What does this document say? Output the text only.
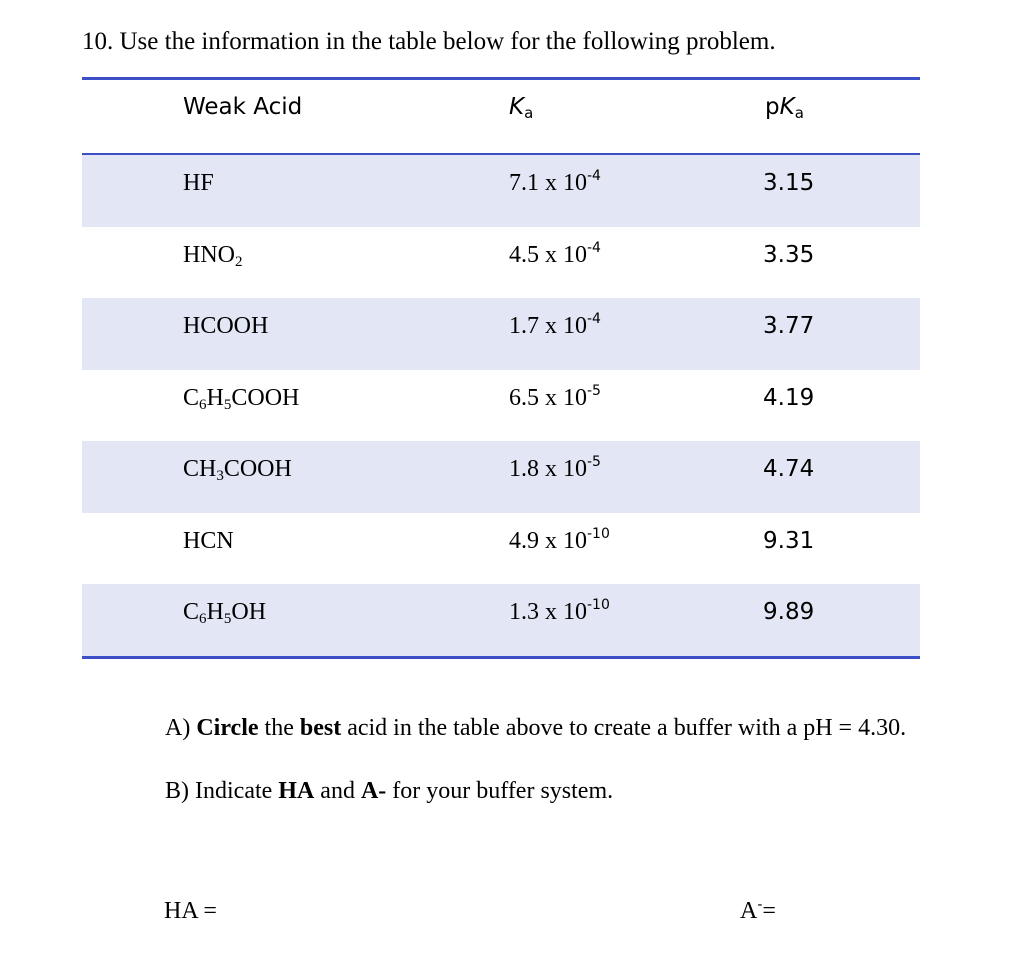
10. Use the information in the table below for the following problem.
Weak Acid	$K_a$	$pK_a$
HF	7.1 x $10^{-4}$	3.15
$HNO_2$	4.5 x $10^{-4}$	3.35
HCOOH	1.7 x $10^{-4}$	3.77
$C_6H_5COOH$	6.5 x $10^{-5}$	4.19
$CH_3COOH$	1.8 x $10^{-5}$	4.74
HCN	4.9 x $10^{-10}$	9.31
$C_6H_5OH$	1.3 x $10^{-10}$	9.89
A) Circle the best acid in the table above to create a buffer with a pH = 4.30.
B) Indicate HA and A- for your buffer system.
HA =	A-=
